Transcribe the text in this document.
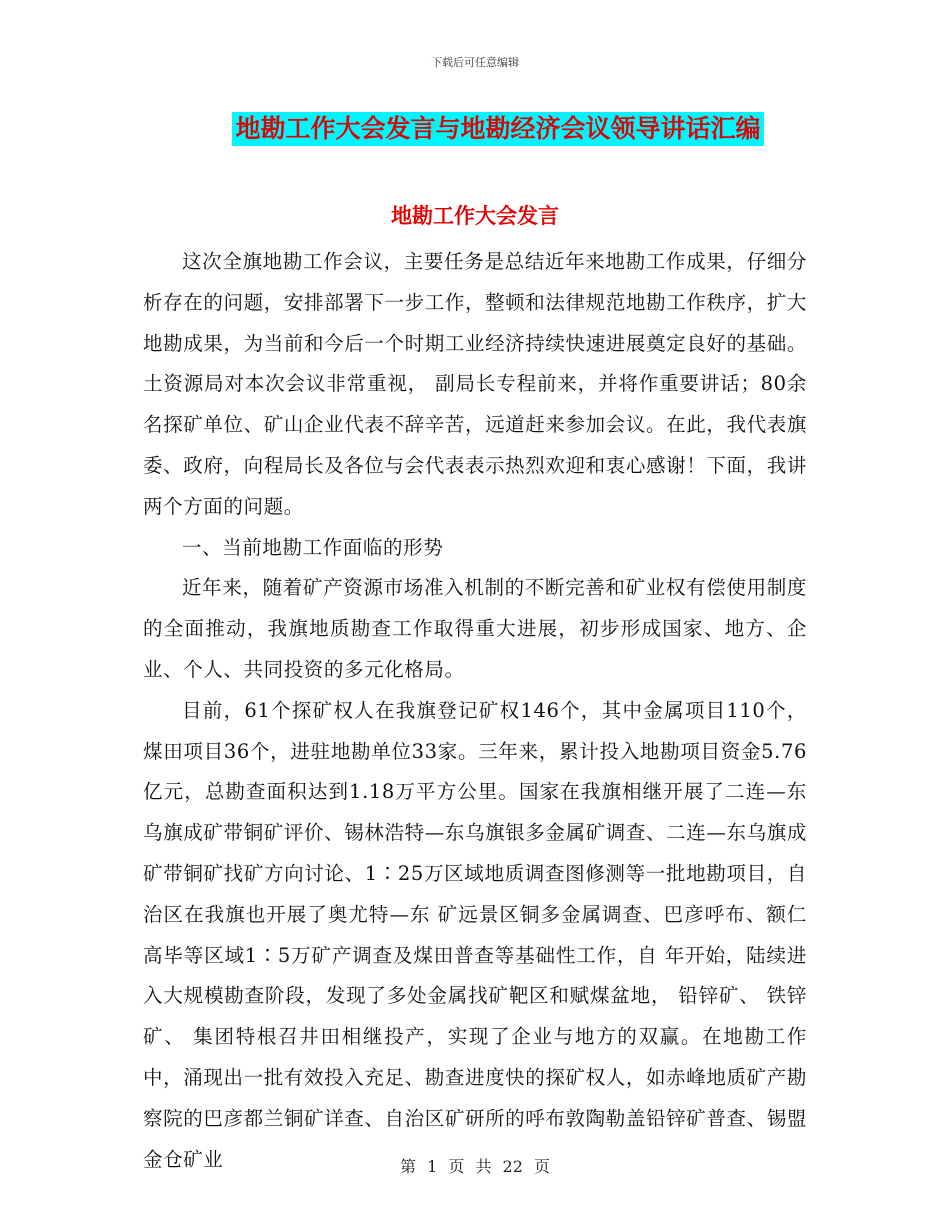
下载后可任意编辑
地勘工作大会发言与地勘经济会议领导讲话汇编
地勘工作大会发言

这次全旗地勘工作会议，主要任务是总结近年来地勘工作成果，仔细分析存在的问题，安排部署下一步工作，整顿和法律规范地勘工作秩序，扩大地勘成果，为当前和今后一个时期工业经济持续快速进展奠定良好的基础。 土资源局对本次会议非常重视， 副局长专程前来，并将作重要讲话；80余名探矿单位、矿山企业代表不辞辛苦，远道赶来参加会议。在此，我代表旗委、政府，向程局长及各位与会代表表示热烈欢迎和衷心感谢！下面，我讲两个方面的问题。

一、当前地勘工作面临的形势

近年来，随着矿产资源市场准入机制的不断完善和矿业权有偿使用制度的全面推动，我旗地质勘查工作取得重大进展，初步形成国家、地方、企业、个人、共同投资的多元化格局。

目前，61个探矿权人在我旗登记矿权146个，其中金属项目110个，煤田项目36个，进驻地勘单位33家。三年来，累计投入地勘项目资金5.76亿元，总勘查面积达到1.18万平方公里。国家在我旗相继开展了二连—东乌旗成矿带铜矿评价、锡林浩特—东乌旗银多金属矿调查、二连—东乌旗成矿带铜矿找矿方向讨论、1∶25万区域地质调查图修测等一批地勘项目，自治区在我旗也开展了奥尤特—东 矿远景区铜多金属调查、巴彦呼布、额仁高毕等区域1∶5万矿产调查及煤田普查等基础性工作，自 年开始，陆续进入大规模勘查阶段，发现了多处金属找矿靶区和赋煤盆地， 铅锌矿、 铁锌矿、 集团特根召井田相继投产，实现了企业与地方的双赢。在地勘工作中，涌现出一批有效投入充足、勘查进度快的探矿权人，如赤峰地质矿产勘察院的巴彦都兰铜矿详查、自治区矿研所的呼布敦陶勒盖铅锌矿普查、锡盟金仓矿业	第 1 页 共 22 页
